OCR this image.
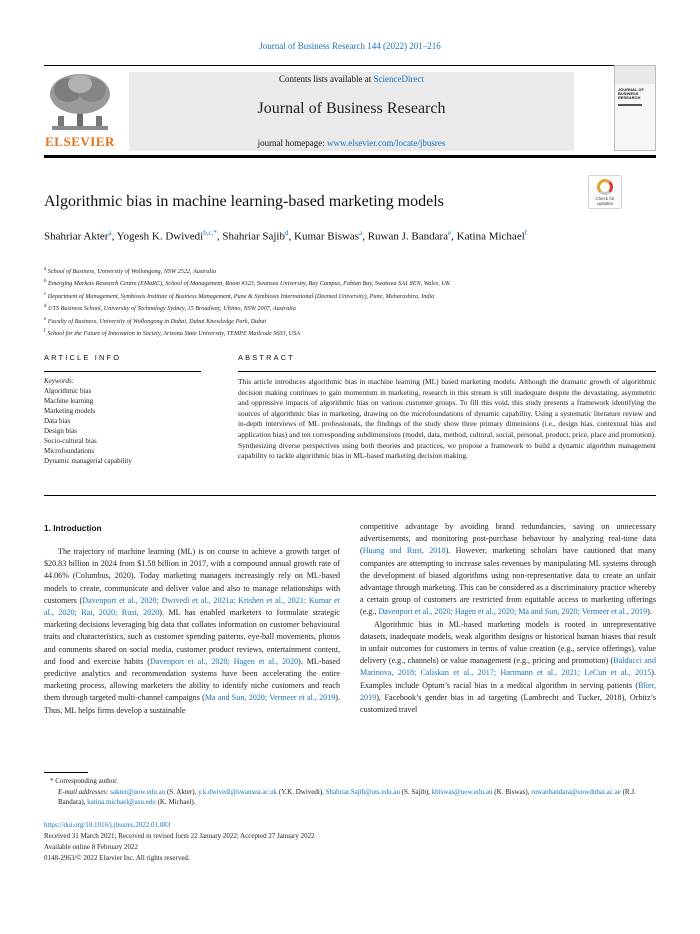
Journal of Business Research 144 (2022) 201–216
ELSEVIER
Contents lists available at ScienceDirect
Journal of Business Research
journal homepage: www.elsevier.com/locate/jbusres
JOURNAL OF BUSINESS RESEARCH
Check for updates
Algorithmic bias in machine learning-based marketing models
Shahriar Akter$^a$, Yogesh K. Dwivedi$^{b,c,*}$, Shahriar Sajib$^d$, Kumar Biswas$^a$, Ruwan J. Bandara$^e$, Katina Michael$^f$
$^a$ School of Business, University of Wollongong, NSW 2522, Australia
$^b$ Emerging Markets Research Centre (EMaRC), School of Management, Room #323, Swansea University, Bay Campus, Fabian Bay, Swansea SA1 8EN, Wales, UK
$^c$ Department of Management, Symbiosis Institute of Business Management, Pune & Symbiosis International (Deemed University), Pune, Maharashtra, India
$^d$ UTS Business School, University of Technology Sydney, 15 Broadway, Ultimo, NSW 2007, Australia
$^e$ Faculty of Business, University of Wollongong in Dubai, Dubai Knowledge Park, Dubai
$^f$ School for the Future of Innovation in Society, Arizona State University, TEMPE Mailcode 5603, USA
ARTICLE INFO	ABSTRACT
Keywords:
Algorithmic bias
Machine learning
Marketing models
Data bias
Design bias
Socio-cultural bias
Microfoundations
Dynamic managerial capability
This article introduces algorithmic bias in machine learning (ML) based marketing models. Although the dramatic growth of algorithmic decision making continues to gain momentum in marketing, research in this stream is still inadequate despite the devastating, asymmetric and oppressive impacts of algorithmic bias on various customer groups. To fill this void, this study presents a framework identifying the sources of algorithmic bias in marketing, drawing on the microfoundations of dynamic capability. Using a systematic literature review and in-depth interviews of ML professionals, the findings of the study show three primary dimensions (i.e., design bias, contextual bias and application bias) and ten corresponding subdimensions (model, data, method, cultural, social, personal, product, price, place and promotion). Synthesizing diverse perspectives using both theories and practices, we propose a framework to build a dynamic algorithm management capability to tackle algorithmic bias in ML-based marketing decision making.
1. Introduction

The trajectory of machine learning (ML) is on course to achieve a growth target of $20.83 billion in 2024 from $1.58 billion in 2017, with a compound annual growth rate of 44.06% (Columbus, 2020). Today marketing managers increasingly rely on ML-based models to create, communicate and deliver value and also to manage relationships with customers (Davenport et al., 2020; Dwivedi et al., 2021a; Krishen et al., 2021; Kumar et al., 2020; Rai, 2020; Rust, 2020). ML has enabled marketers to formulate strategic marketing decisions leveraging big data that collates information on customer behavioural traits and characteristics, such as customer spending patterns, eye-ball movements, photos and comments shared on social media, customer product reviews, entertainment content, and food and exercise habits (Davenport et al., 2020; Hagen et al., 2020). ML-based predictive analytics and recommendation systems have been accelerating the entire marketing process, allowing marketers the ability to identify niche customers and reach them through targeted multi-channel campaigns (Ma and Sun, 2020; Vermeer et al., 2019). Thus, ML helps firms develop a sustainable

competitive advantage by avoiding brand redundancies, saving on unnecessary advertisements, and monitoring post-purchase behaviour by analyzing real-time data (Huang and Rust, 2018). However, marketing scholars have cautioned that many companies are attempting to increase sales revenues by manipulating ML systems through the development of biased algorithms using non-representative data to create an unfair advantage through marketing. This can be considered as a discriminatory practice whereby a certain group of customers are restricted from equitable access to marketing offerings (e.g., Davenport et al., 2020; Hagen et al., 2020; Ma and Sun, 2020; Vermeer et al., 2019).

Algorithmic bias in ML-based marketing models is rooted in unrepresentative datasets, inadequate models, weak algorithm designs or historical human biases that result in unfair outcomes for customers in terms of value creation (e.g., service offerings), value delivery (e.g., channels) or value management (e.g., pricing and promotion) (Balducci and Marinova, 2018; Caliskan et al., 2017; Hartmann et al., 2021; LeCun et al., 2015). Examples include Optum’s racial bias in a medical algorithm in serving patients (Blier, 2019), Facebook’s gender bias in ad targeting (Lambrecht and Tucker, 2018), Orbitz’s customized travel

* Corresponding author.
E-mail addresses: sakter@uow.edu.au (S. Akter), y.k.dwivedi@swansea.ac.uk (Y.K. Dwivedi), Shahriar.Sajib@uts.edu.au (S. Sajib), kbiswas@uow.edu.au (K. Biswas), ruwanbandara@uowdubai.ac.ae (R.J. Bandara), katina.michael@asu.edu (K. Michael).
https://doi.org/10.1016/j.jbusres.2022.01.083
Received 31 March 2021; Received in revised form 22 January 2022; Accepted 27 January 2022
Available online 8 February 2022
0148-2963/© 2022 Elsevier Inc. All rights reserved.
